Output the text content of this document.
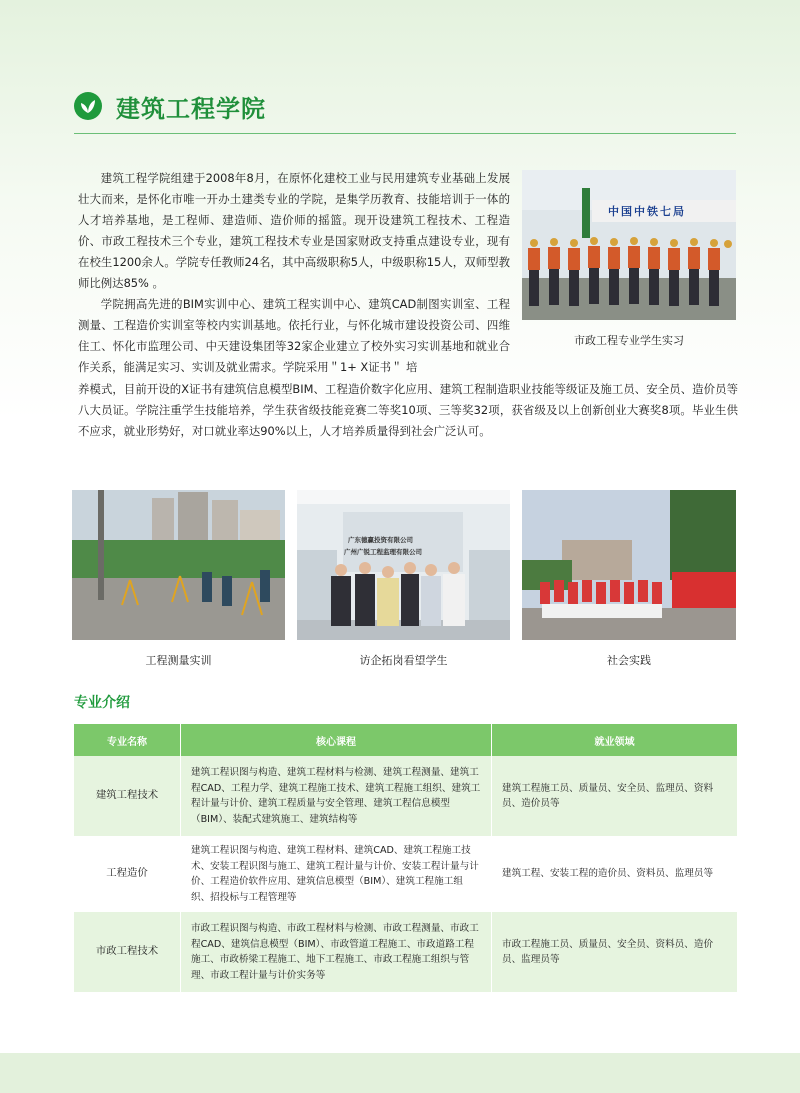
建筑工程学院

建筑工程学院组建于2008年8月，在原怀化建校工业与民用建筑专业基础上发展壮大而来，是怀化市唯一开办土建类专业的学院，是集学历教育、技能培训于一体的人才培养基地，是工程师、建造师、造价师的摇篮。现开设建筑工程技术、工程造价、市政工程技术三个专业，建筑工程技术专业是国家财政支持重点建设专业，现有在校生1200余人。学院专任教师24名，其中高级职称5人，中级职称15人，双师型教师比例达85% 。

学院拥高先进的BIM实训中心、建筑工程实训中心、建筑CAD制图实训室、工程测量、工程造价实训室等校内实训基地。依托行业，与怀化城市建设投资公司、四维住工、怀化市监理公司、中天建设集团等32家企业建立了校外实习实训基地和就业合作关系，能满足实习、实训及就业需求。学院采用＂1+ X证书＂ 培

养模式，目前开设的X证书有建筑信息模型BIM、工程造价数字化应用、建筑工程制造职业技能等级证及施工员、安全员、造价员等八大员证。学院注重学生技能培养，学生获省级技能竞赛二等奖10项、三等奖32项，获省级及以上创新创业大赛奖8项。毕业生供不应求，就业形势好，对口就业率达90%以上，人才培养质量得到社会广泛认可。

中国中铁七局
市政工程专业学生实习
工程测量实训
广东德赢投资有限公司
广州广锐工程监理有限公司
访企拓岗看望学生	社会实践
专业介绍
专业名称	核心课程	就业领域
建筑工程技术	建筑工程识图与构造、建筑工程材料与检测、建筑工程测量、建筑工程CAD、工程力学、建筑工程施工技术、建筑工程施工组织、建筑工程计量与计价、建筑工程质量与安全管理、建筑工程信息模型（BIM）、装配式建筑施工、建筑结构等	建筑工程施工员、质量员、安全员、监理员、资料员、造价员等
工程造价	建筑工程识图与构造、建筑工程材料、建筑CAD、建筑工程施工技术、安装工程识图与施工、建筑工程计量与计价、安装工程计量与计价、工程造价软件应用、建筑信息模型（BIM）、建筑工程施工组织、招投标与工程管理等	建筑工程、安装工程的造价员、资料员、监理员等
市政工程技术	市政工程识图与构造、市政工程材料与检测、市政工程测量、市政工程CAD、建筑信息模型（BIM）、市政管道工程施工、市政道路工程施工、市政桥梁工程施工、地下工程施工、市政工程施工组织与管理、市政工程计量与计价实务等	市政工程施工员、质量员、安全员、资料员、造价员、监理员等
